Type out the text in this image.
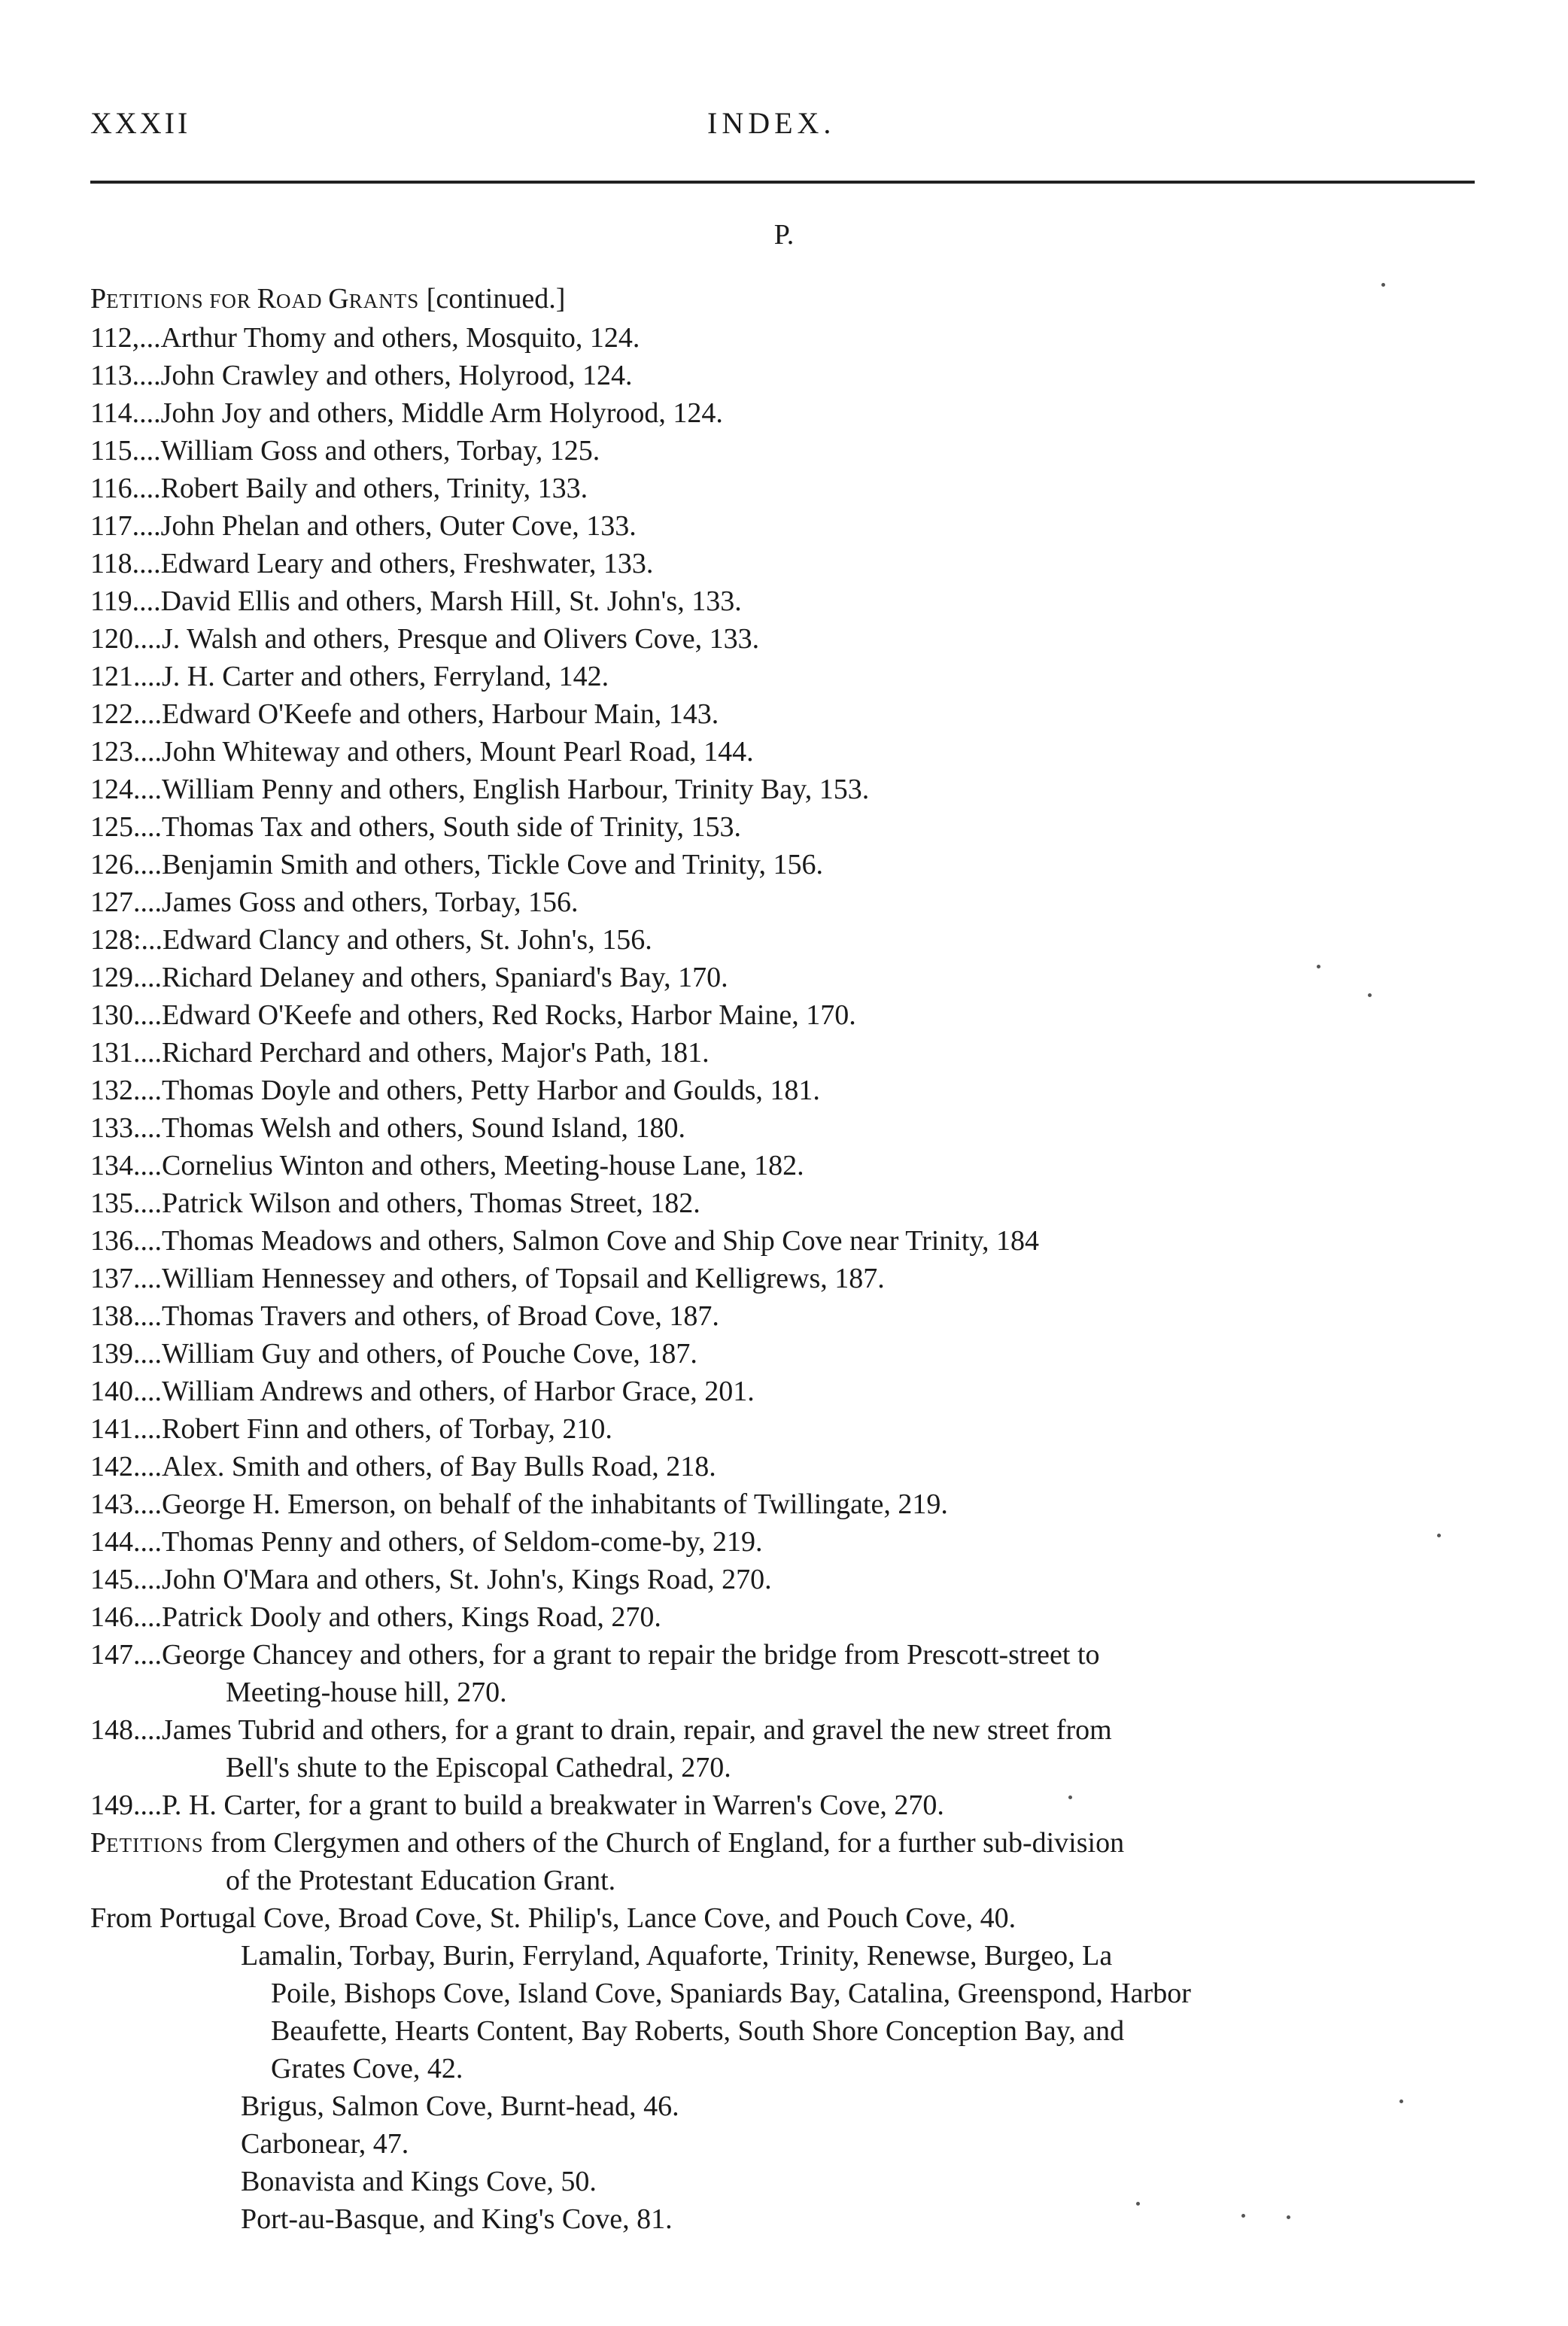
XXXII	INDEX.
P.
PETITIONS FOR ROAD GRANTS [continued.]
112,...Arthur Thomy and others, Mosquito, 124.
113....John Crawley and others, Holyrood, 124.
114....John Joy and others, Middle Arm Holyrood, 124.
115....William Goss and others, Torbay, 125.
116....Robert Baily and others, Trinity, 133.
117....John Phelan and others, Outer Cove, 133.
118....Edward Leary and others, Freshwater, 133.
119....David Ellis and others, Marsh Hill, St. John's, 133.
120....J. Walsh and others, Presque and Olivers Cove, 133.
121....J. H. Carter and others, Ferryland, 142.
122....Edward O'Keefe and others, Harbour Main, 143.
123....John Whiteway and others, Mount Pearl Road, 144.
124....William Penny and others, English Harbour, Trinity Bay, 153.
125....Thomas Tax and others, South side of Trinity, 153.
126....Benjamin Smith and others, Tickle Cove and Trinity, 156.
127....James Goss and others, Torbay, 156.
128:...Edward Clancy and others, St. John's, 156.
129....Richard Delaney and others, Spaniard's Bay, 170.
130....Edward O'Keefe and others, Red Rocks, Harbor Maine, 170.
131....Richard Perchard and others, Major's Path, 181.
132....Thomas Doyle and others, Petty Harbor and Goulds, 181.
133....Thomas Welsh and others, Sound Island, 180.
134....Cornelius Winton and others, Meeting-house Lane, 182.
135....Patrick Wilson and others, Thomas Street, 182.
136....Thomas Meadows and others, Salmon Cove and Ship Cove near Trinity, 184
137....William Hennessey and others, of Topsail and Kelligrews, 187.
138....Thomas Travers and others, of Broad Cove, 187.
139....William Guy and others, of Pouche Cove, 187.
140....William Andrews and others, of Harbor Grace, 201.
141....Robert Finn and others, of Torbay, 210.
142....Alex. Smith and others, of Bay Bulls Road, 218.
143....George H. Emerson, on behalf of the inhabitants of Twillingate, 219.
144....Thomas Penny and others, of Seldom-come-by, 219.
145....John O'Mara and others, St. John's, Kings Road, 270.
146....Patrick Dooly and others, Kings Road, 270.
147....George Chancey and others, for a grant to repair the bridge from Prescott-street to
Meeting-house hill, 270.
148....James Tubrid and others, for a grant to drain, repair, and gravel the new street from
Bell's shute to the Episcopal Cathedral, 270.
149....P. H. Carter, for a grant to build a breakwater in Warren's Cove, 270.
PETITIONS from Clergymen and others of the Church of England, for a further sub-division
of the Protestant Education Grant.
From Portugal Cove, Broad Cove, St. Philip's, Lance Cove, and Pouch Cove, 40.
Lamalin, Torbay, Burin, Ferryland, Aquaforte, Trinity, Renewse, Burgeo, La
Poile, Bishops Cove, Island Cove, Spaniards Bay, Catalina, Greenspond, Harbor
Beaufette, Hearts Content, Bay Roberts, South Shore Conception Bay, and
Grates Cove, 42.
Brigus, Salmon Cove, Burnt-head, 46.
Carbonear, 47.
Bonavista and Kings Cove, 50.
Port-au-Basque, and King's Cove, 81.
